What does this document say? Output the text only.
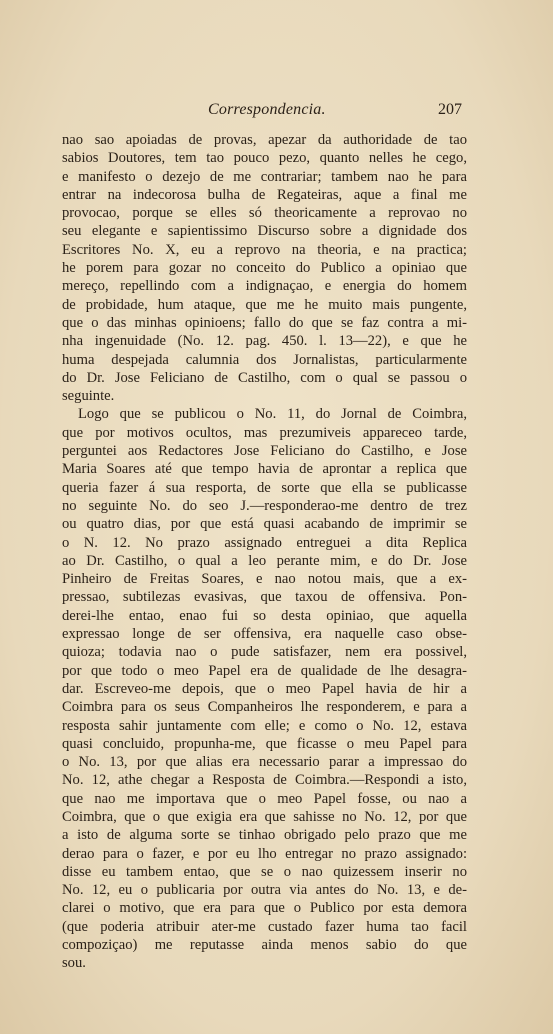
Correspondencia.	207
nao sao apoiadas de provas, apezar da authoridade de tao
sabios Doutores, tem tao pouco pezo, quanto nelles he cego,
e manifesto o dezejo de me contrariar; tambem nao he para
entrar na indecorosa bulha de Regateiras, aque a final me
provocao, porque se elles só theoricamente a reprovao no
seu elegante e sapientissimo Discurso sobre a dignidade dos
Escritores No. X, eu a reprovo na theoria, e na practica;
he porem para gozar no conceito do Publico a opiniao que
mereço, repellindo com a indignaçao, e energia do homem
de probidade, hum ataque, que me he muito mais pungente,
que o das minhas opinioens; fallo do que se faz contra a mi-
nha ingenuidade (No. 12. pag. 450. l. 13—22), e que he
huma despejada calumnia dos Jornalistas, particularmente
do Dr. Jose Feliciano de Castilho, com o qual se passou o
seguinte.
Logo que se publicou o No. 11, do Jornal de Coimbra,
que por motivos ocultos, mas prezumiveis appareceo tarde,
perguntei aos Redactores Jose Feliciano do Castilho, e Jose
Maria Soares até que tempo havia de aprontar a replica que
queria fazer á sua resporta, de sorte que ella se publicasse
no seguinte No. do seo J.—responderao-me dentro de trez
ou quatro dias, por que está quasi acabando de imprimir se
o N. 12. No prazo assignado entreguei a dita Replica
ao Dr. Castilho, o qual a leo perante mim, e do Dr. Jose
Pinheiro de Freitas Soares, e nao notou mais, que a ex-
pressao, subtilezas evasivas, que taxou de offensiva. Pon-
derei-lhe entao, enao fui so desta opiniao, que aquella
expressao longe de ser offensiva, era naquelle caso obse-
quioza; todavia nao o pude satisfazer, nem era possivel,
por que todo o meo Papel era de qualidade de lhe desagra-
dar. Escreveo-me depois, que o meo Papel havia de hir a
Coimbra para os seus Companheiros lhe responderem, e para a
resposta sahir juntamente com elle; e como o No. 12, estava
quasi concluido, propunha-me, que ficasse o meu Papel para
o No. 13, por que alias era necessario parar a impressao do
No. 12, athe chegar a Resposta de Coimbra.—Respondi a isto,
que nao me importava que o meo Papel fosse, ou nao a
Coimbra, que o que exigia era que sahisse no No. 12, por que
a isto de alguma sorte se tinhao obrigado pelo prazo que me
derao para o fazer, e por eu lho entregar no prazo assignado:
disse eu tambem entao, que se o nao quizessem inserir no
No. 12, eu o publicaria por outra via antes do No. 13, e de-
clarei o motivo, que era para que o Publico por esta demora
(que poderia atribuir ater-me custado fazer huma tao facil
compoziçao) me reputasse ainda menos sabio do que
sou.
